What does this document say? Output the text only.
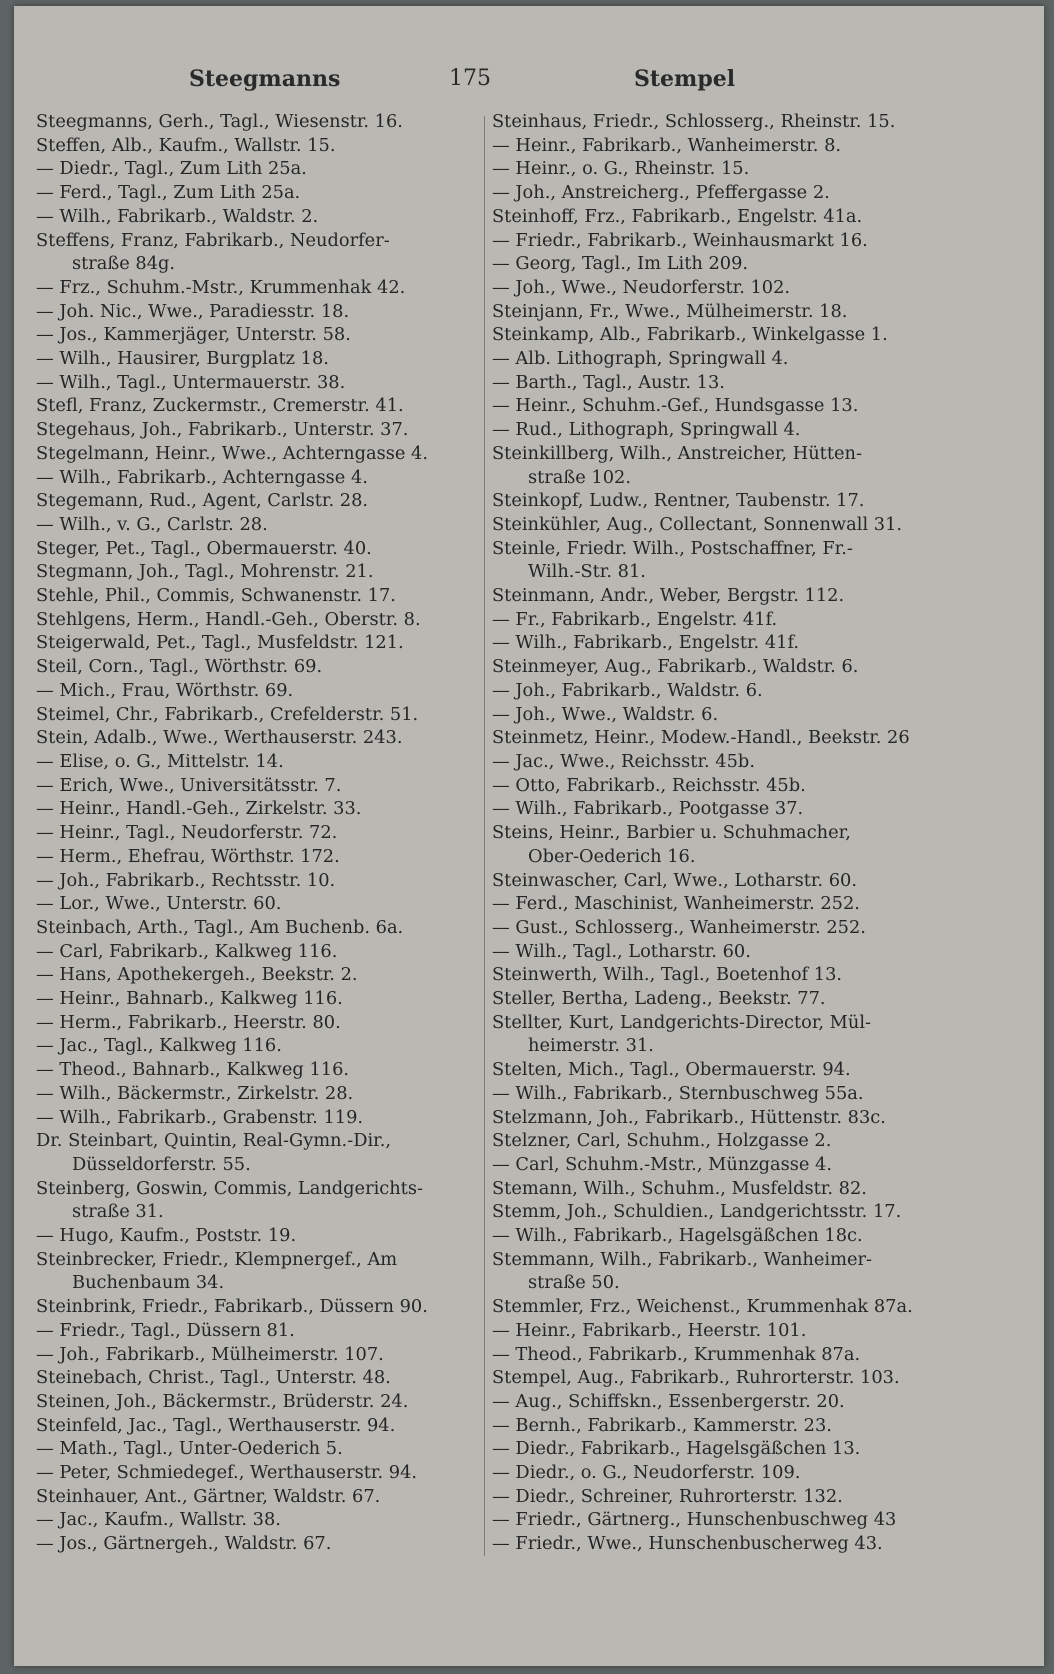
Steegmanns	175	Stempel
Steegmanns, Gerh., Tagl., Wiesenstr. 16.
Steffen, Alb., Kaufm., Wallstr. 15.
— Diedr., Tagl., Zum Lith 25a.
— Ferd., Tagl., Zum Lith 25a.
— Wilh., Fabrikarb., Waldstr. 2.
Steffens, Franz, Fabrikarb., Neudorfer-
straße 84g.
— Frz., Schuhm.-Mstr., Krummenhak 42.
— Joh. Nic., Wwe., Paradiesstr. 18.
— Jos., Kammerjäger, Unterstr. 58.
— Wilh., Hausirer, Burgplatz 18.
— Wilh., Tagl., Untermauerstr. 38.
Stefl, Franz, Zuckermstr., Cremerstr. 41.
Stegehaus, Joh., Fabrikarb., Unterstr. 37.
Stegelmann, Heinr., Wwe., Achterngasse 4.
— Wilh., Fabrikarb., Achterngasse 4.
Stegemann, Rud., Agent, Carlstr. 28.
— Wilh., v. G., Carlstr. 28.
Steger, Pet., Tagl., Obermauerstr. 40.
Stegmann, Joh., Tagl., Mohrenstr. 21.
Stehle, Phil., Commis, Schwanenstr. 17.
Stehlgens, Herm., Handl.-Geh., Oberstr. 8.
Steigerwald, Pet., Tagl., Musfeldstr. 121.
Steil, Corn., Tagl., Wörthstr. 69.
— Mich., Frau, Wörthstr. 69.
Steimel, Chr., Fabrikarb., Crefelderstr. 51.
Stein, Adalb., Wwe., Werthauserstr. 243.
— Elise, o. G., Mittelstr. 14.
— Erich, Wwe., Universitätsstr. 7.
— Heinr., Handl.-Geh., Zirkelstr. 33.
— Heinr., Tagl., Neudorferstr. 72.
— Herm., Ehefrau, Wörthstr. 172.
— Joh., Fabrikarb., Rechtsstr. 10.
— Lor., Wwe., Unterstr. 60.
Steinbach, Arth., Tagl., Am Buchenb. 6a.
— Carl, Fabrikarb., Kalkweg 116.
— Hans, Apothekergeh., Beekstr. 2.
— Heinr., Bahnarb., Kalkweg 116.
— Herm., Fabrikarb., Heerstr. 80.
— Jac., Tagl., Kalkweg 116.
— Theod., Bahnarb., Kalkweg 116.
— Wilh., Bäckermstr., Zirkelstr. 28.
— Wilh., Fabrikarb., Grabenstr. 119.
Dr. Steinbart, Quintin, Real-Gymn.-Dir.,
Düsseldorferstr. 55.
Steinberg, Goswin, Commis, Landgerichts-
straße 31.
— Hugo, Kaufm., Poststr. 19.
Steinbrecker, Friedr., Klempnergef., Am
Buchenbaum 34.
Steinbrink, Friedr., Fabrikarb., Düssern 90.
— Friedr., Tagl., Düssern 81.
— Joh., Fabrikarb., Mülheimerstr. 107.
Steinebach, Christ., Tagl., Unterstr. 48.
Steinen, Joh., Bäckermstr., Brüderstr. 24.
Steinfeld, Jac., Tagl., Werthauserstr. 94.
— Math., Tagl., Unter-Oederich 5.
— Peter, Schmiedegef., Werthauserstr. 94.
Steinhauer, Ant., Gärtner, Waldstr. 67.
— Jac., Kaufm., Wallstr. 38.
— Jos., Gärtnergeh., Waldstr. 67.
Steinhaus, Friedr., Schlosserg., Rheinstr. 15.
— Heinr., Fabrikarb., Wanheimerstr. 8.
— Heinr., o. G., Rheinstr. 15.
— Joh., Anstreicherg., Pfeffergasse 2.
Steinhoff, Frz., Fabrikarb., Engelstr. 41a.
— Friedr., Fabrikarb., Weinhausmarkt 16.
— Georg, Tagl., Im Lith 209.
— Joh., Wwe., Neudorferstr. 102.
Steinjann, Fr., Wwe., Mülheimerstr. 18.
Steinkamp, Alb., Fabrikarb., Winkelgasse 1.
— Alb. Lithograph, Springwall 4.
— Barth., Tagl., Austr. 13.
— Heinr., Schuhm.-Gef., Hundsgasse 13.
— Rud., Lithograph, Springwall 4.
Steinkillberg, Wilh., Anstreicher, Hütten-
straße 102.
Steinkopf, Ludw., Rentner, Taubenstr. 17.
Steinkühler, Aug., Collectant, Sonnenwall 31.
Steinle, Friedr. Wilh., Postschaffner, Fr.-
Wilh.-Str. 81.
Steinmann, Andr., Weber, Bergstr. 112.
— Fr., Fabrikarb., Engelstr. 41f.
— Wilh., Fabrikarb., Engelstr. 41f.
Steinmeyer, Aug., Fabrikarb., Waldstr. 6.
— Joh., Fabrikarb., Waldstr. 6.
— Joh., Wwe., Waldstr. 6.
Steinmetz, Heinr., Modew.-Handl., Beekstr. 26
— Jac., Wwe., Reichsstr. 45b.
— Otto, Fabrikarb., Reichsstr. 45b.
— Wilh., Fabrikarb., Pootgasse 37.
Steins, Heinr., Barbier u. Schuhmacher,
Ober-Oederich 16.
Steinwascher, Carl, Wwe., Lotharstr. 60.
— Ferd., Maschinist, Wanheimerstr. 252.
— Gust., Schlosserg., Wanheimerstr. 252.
— Wilh., Tagl., Lotharstr. 60.
Steinwerth, Wilh., Tagl., Boetenhof 13.
Steller, Bertha, Ladeng., Beekstr. 77.
Stellter, Kurt, Landgerichts-Director, Mül-
heimerstr. 31.
Stelten, Mich., Tagl., Obermauerstr. 94.
— Wilh., Fabrikarb., Sternbuschweg 55a.
Stelzmann, Joh., Fabrikarb., Hüttenstr. 83c.
Stelzner, Carl, Schuhm., Holzgasse 2.
— Carl, Schuhm.-Mstr., Münzgasse 4.
Stemann, Wilh., Schuhm., Musfeldstr. 82.
Stemm, Joh., Schuldien., Landgerichtsstr. 17.
— Wilh., Fabrikarb., Hagelsgäßchen 18c.
Stemmann, Wilh., Fabrikarb., Wanheimer-
straße 50.
Stemmler, Frz., Weichenst., Krummenhak 87a.
— Heinr., Fabrikarb., Heerstr. 101.
— Theod., Fabrikarb., Krummenhak 87a.
Stempel, Aug., Fabrikarb., Ruhrorterstr. 103.
— Aug., Schiffskn., Essenbergerstr. 20.
— Bernh., Fabrikarb., Kammerstr. 23.
— Diedr., Fabrikarb., Hagelsgäßchen 13.
— Diedr., o. G., Neudorferstr. 109.
— Diedr., Schreiner, Ruhrorterstr. 132.
— Friedr., Gärtnerg., Hunschenbuschweg 43
— Friedr., Wwe., Hunschenbuscherweg 43.
